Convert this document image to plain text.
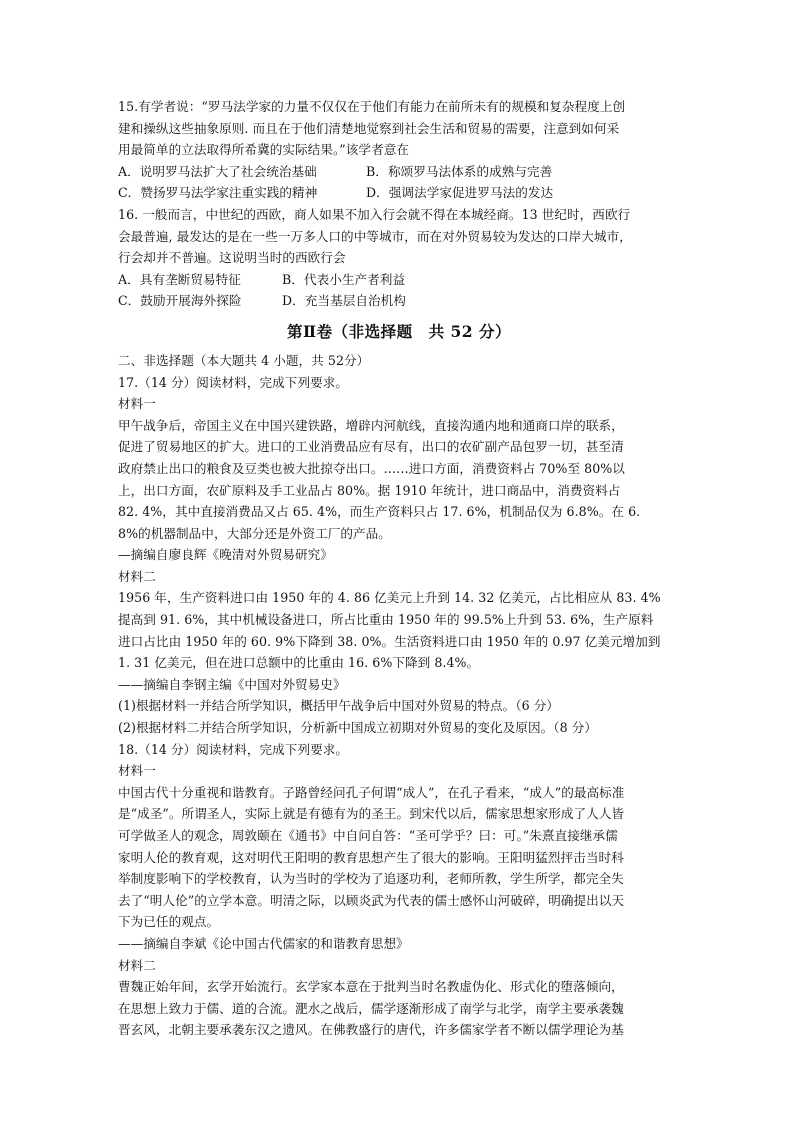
15.有学者说：“罗马法学家的力量不仅仅在于他们有能力在前所未有的规模和复杂程度上创
建和操纵这些抽象原则. 而且在于他们清楚地觉察到社会生活和贸易的需要，注意到如何采
用最简单的立法取得所希冀的实际结果。”该学者意在
A．说明罗马法扩大了社会统治基础	B．称颂罗马法体系的成熟与完善
C．赞扬罗马法学家注重实践的精神	D．强调法学家促进罗马法的发达
16. 一般而言，中世纪的西欧，商人如果不加入行会就不得在本城经商。13 世纪时，西欧行
会最普遍, 最发达的是在一些一万多人口的中等城市，而在对外贸易较为发达的口岸大城市，
行会却并不普遍。这说明当时的西欧行会
A．具有垄断贸易特征	B．代表小生产者利益
C．鼓励开展海外探险	D．充当基层自治机构
第Ⅱ卷（非选择题　共 52 分）
二、非选择题（本大题共 4 小题，共 52分）
17.（14 分）阅读材料，完成下列要求。
材料一
甲午战争后，帝国主义在中国兴建铁路，增辟内河航线，直接沟通内地和通商口岸的联系，
促进了贸易地区的扩大。进口的工业消费品应有尽有，出口的农矿副产品包罗一切，甚至清
政府禁止出口的粮食及豆类也被大批掠夺出口。……进口方面，消费资料占 70%至 80%以
上，出口方面，农矿原料及手工业品占 80%。据 1910 年统计，进口商品中，消费资料占
82. 4%，其中直接消费品又占 65. 4%，而生产资料只占 17. 6%，机制品仅为 6.8%。在 6.
8%的机器制品中，大部分还是外资工厂的产品。
—摘编自廖良辉《晚清对外贸易研究》
材料二
1956 年，生产资料进口由 1950 年的 4. 86 亿美元上升到 14. 32 亿美元，占比相应从 83. 4%
提高到 91. 6%，其中机械设备进口，所占比重由 1950 年的 99.5%上升到 53. 6%，生产原料
进口占比由 1950 年的 60. 9%下降到 38. 0%。生活资料进口由 1950 年的 0.97 亿美元增加到
1. 31 亿美元，但在进口总额中的比重由 16. 6%下降到 8.4%。
——摘编自李钢主编《中国对外贸易史》
(1)根据材料一并结合所学知识，概括甲午战争后中国对外贸易的特点。（6 分）
(2)根据材料二并结合所学知识，分析新中国成立初期对外贸易的变化及原因。（8 分）
18.（14 分）阅读材料，完成下列要求。
材料一
中国古代十分重视和谐教育。子路曾经问孔子何谓“成人”，在孔子看来，“成人”的最高标准
是“成圣”。所谓圣人，实际上就是有德有为的圣王。到宋代以后，儒家思想家形成了人人皆
可学做圣人的观念，周敦颐在《通书》中自问自答：“圣可学乎？曰：可。”朱熹直接继承儒
家明人伦的教育观，这对明代王阳明的教育思想产生了很大的影响。王阳明猛烈抨击当时科
举制度影响下的学校教育，认为当时的学校为了追逐功利，老师所教，学生所学，都完全失
去了“明人伦”的立学本意。明清之际，以顾炎武为代表的儒士感怀山河破碎，明确提出以天
下为已任的观点。
——摘编自李斌《论中国古代儒家的和谐教育思想》
材料二
曹魏正始年间，玄学开始流行。玄学家本意在于批判当时名教虚伪化、形式化的堕落倾向，
在思想上致力于儒、道的合流。淝水之战后，儒学逐渐形成了南学与北学，南学主要承袭魏
晋玄风，北朝主要承袭东汉之遗风。在佛教盛行的唐代，许多儒家学者不断以儒学理论为基
